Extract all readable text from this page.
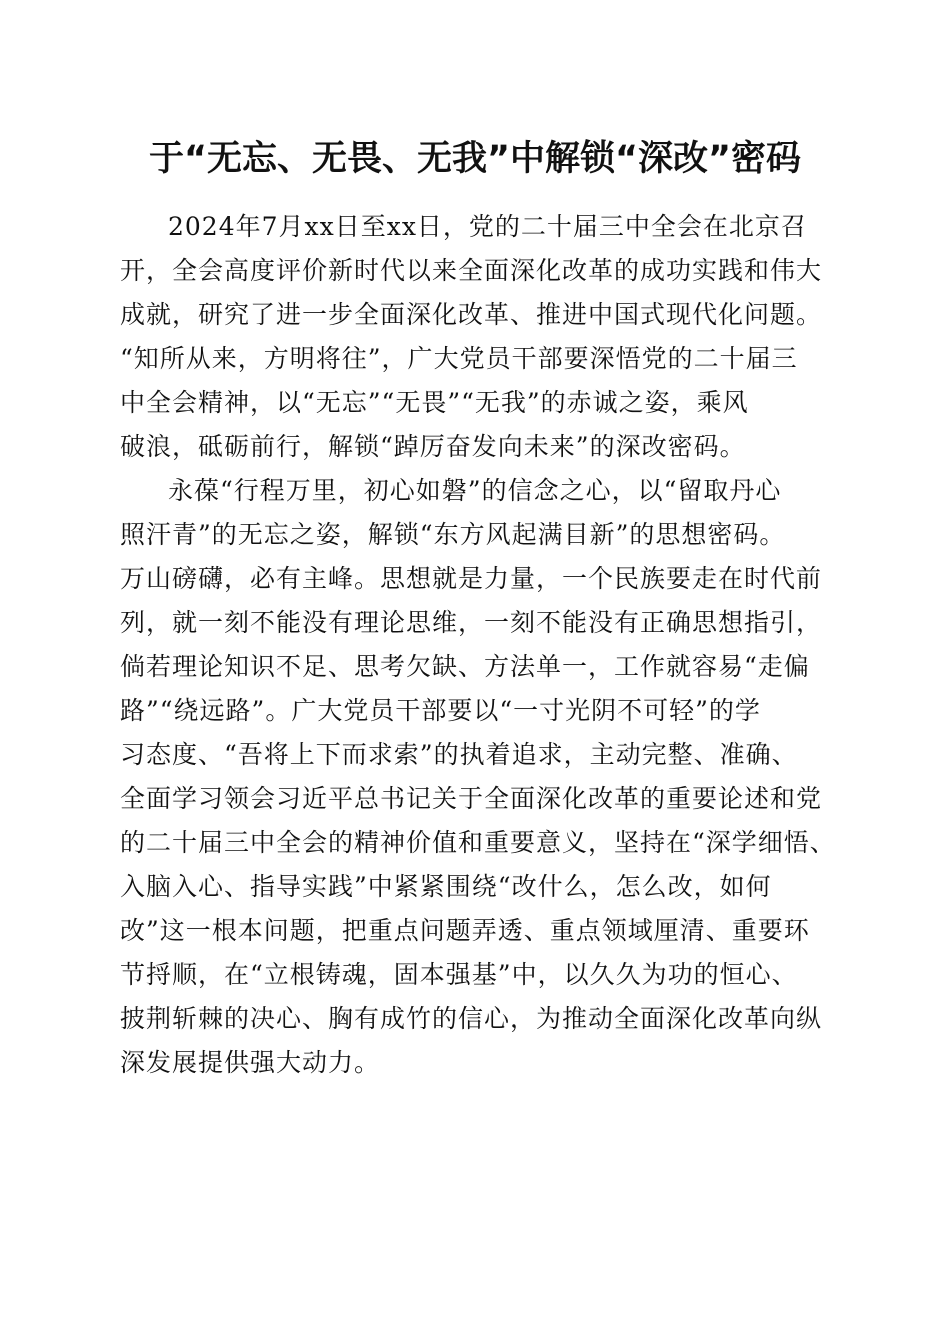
于“无忘、无畏、无我”中解锁“深改”密码

2024年7月xx日至xx日，党的二十届三中全会在北京召

开，全会高度评价新时代以来全面深化改革的成功实践和伟大

成就，研究了进一步全面深化改革、推进中国式现代化问题。

“知所从来，方明将往”，广大党员干部要深悟党的二十届三

中全会精神，以“无忘”“无畏”“无我”的赤诚之姿，乘风

破浪，砥砺前行，解锁“踔厉奋发向未来”的深改密码。

永葆“行程万里，初心如磐”的信念之心，以“留取丹心

照汗青”的无忘之姿，解锁“东方风起满目新”的思想密码。

万山磅礴，必有主峰。思想就是力量，一个民族要走在时代前

列，就一刻不能没有理论思维，一刻不能没有正确思想指引，

倘若理论知识不足、思考欠缺、方法单一，工作就容易“走偏

路”“绕远路”。广大党员干部要以“一寸光阴不可轻”的学

习态度、“吾将上下而求索”的执着追求，主动完整、准确、

全面学习领会习近平总书记关于全面深化改革的重要论述和党

的二十届三中全会的精神价值和重要意义，坚持在“深学细悟、

入脑入心、指导实践”中紧紧围绕“改什么，怎么改，如何

改”这一根本问题，把重点问题弄透、重点领域厘清、重要环

节捋顺，在“立根铸魂，固本强基”中，以久久为功的恒心、

披荆斩棘的决心、胸有成竹的信心，为推动全面深化改革向纵

深发展提供强大动力。
